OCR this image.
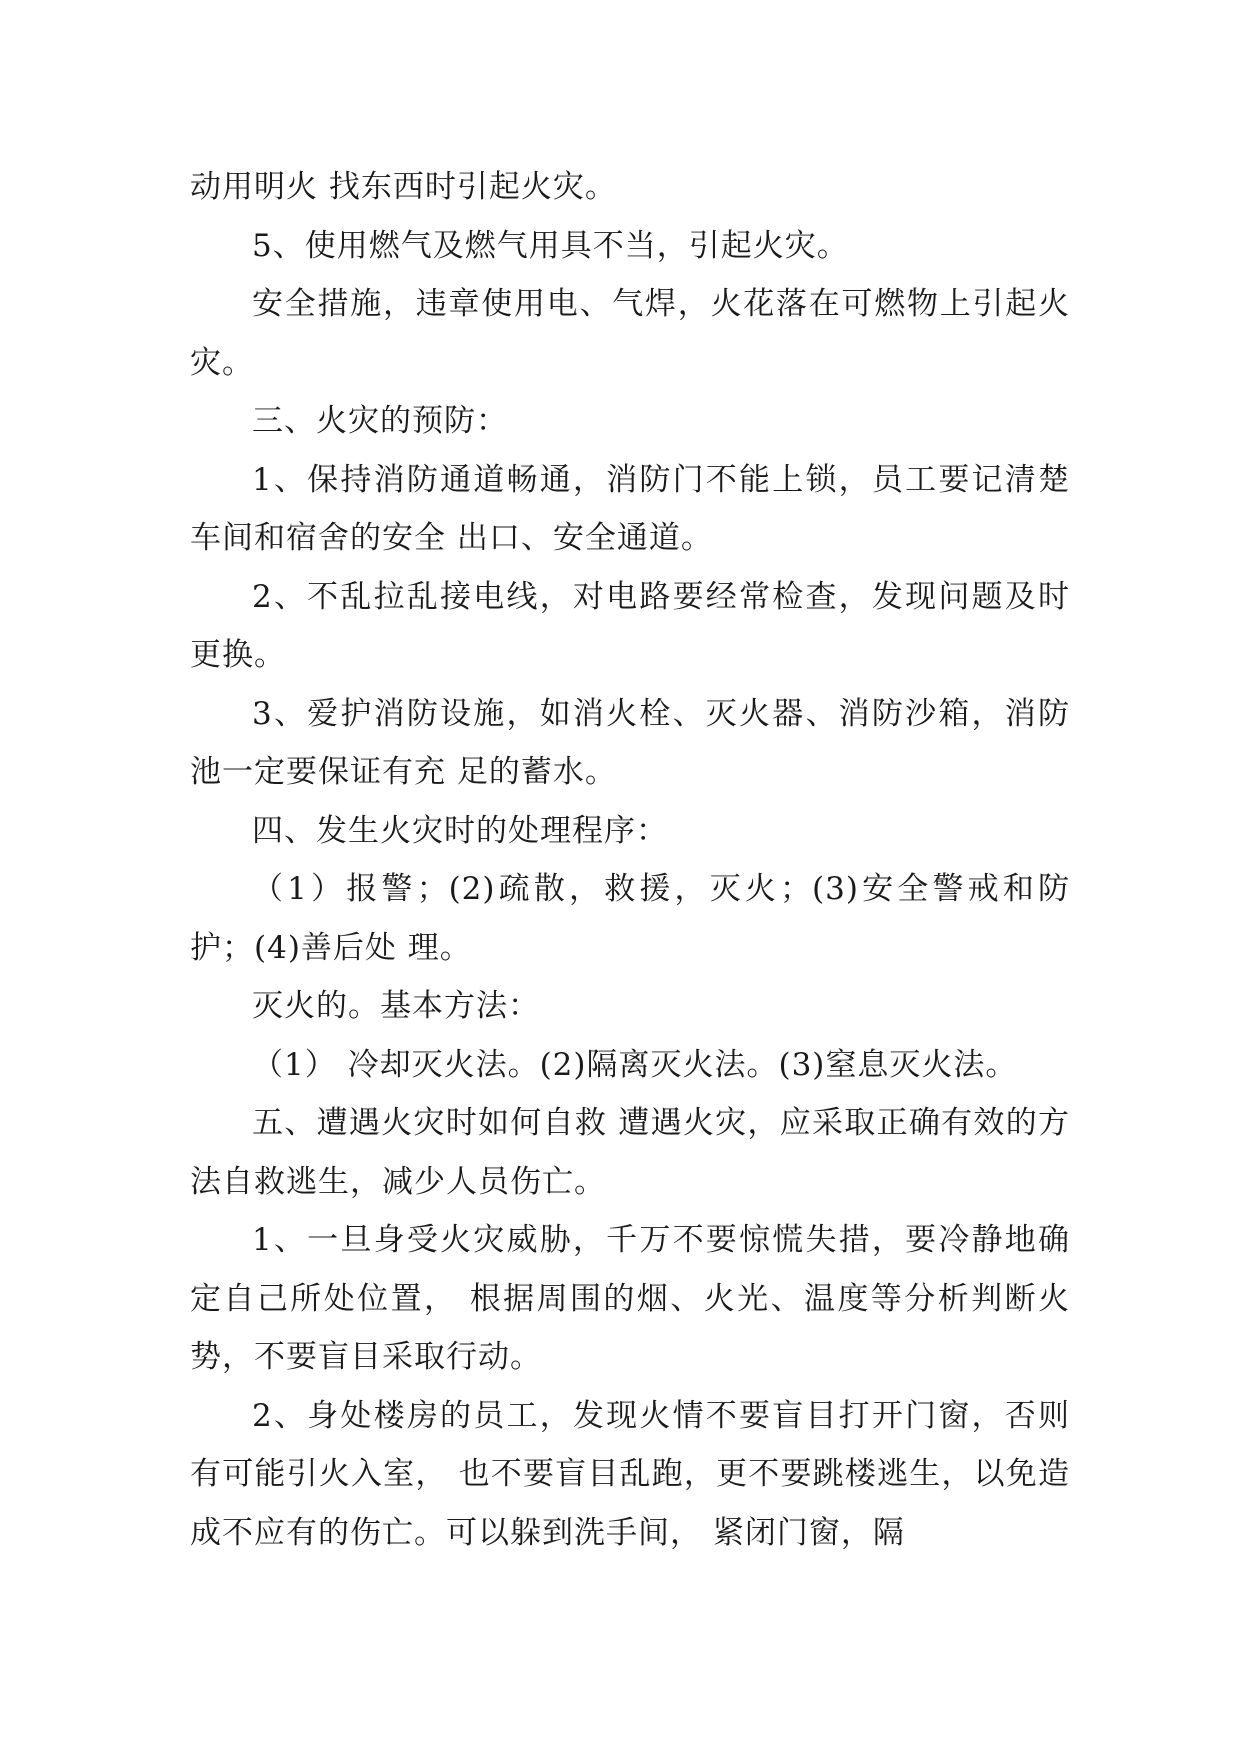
动用明火 找东西时引起火灾。

5、使用燃气及燃气用具不当，引起火灾。

安全措施，违章使用电、气焊，火花落在可燃物上引起火灾。

三、火灾的预防：

1、保持消防通道畅通，消防门不能上锁，员工要记清楚车间和宿舍的安全 出口、安全通道。

2、不乱拉乱接电线，对电路要经常检查，发现问题及时更换。

3、爱护消防设施，如消火栓、灭火器、消防沙箱，消防池一定要保证有充 足的蓄水。

四、发生火灾时的处理程序：

（1）报警；(2)疏散，救援，灭火；(3)安全警戒和防护；(4)善后处 理。

灭火的。基本方法：

（1） 冷却灭火法。(2)隔离灭火法。(3)窒息灭火法。

五、遭遇火灾时如何自救 遭遇火灾，应采取正确有效的方法自救逃生，减少人员伤亡。

1、一旦身受火灾威胁，千万不要惊慌失措，要冷静地确定自己所处位置， 根据周围的烟、火光、温度等分析判断火势，不要盲目采取行动。

2、身处楼房的员工，发现火情不要盲目打开门窗，否则有可能引火入室， 也不要盲目乱跑，更不要跳楼逃生，以免造成不应有的伤亡。可以躲到洗手间， 紧闭门窗，隔
